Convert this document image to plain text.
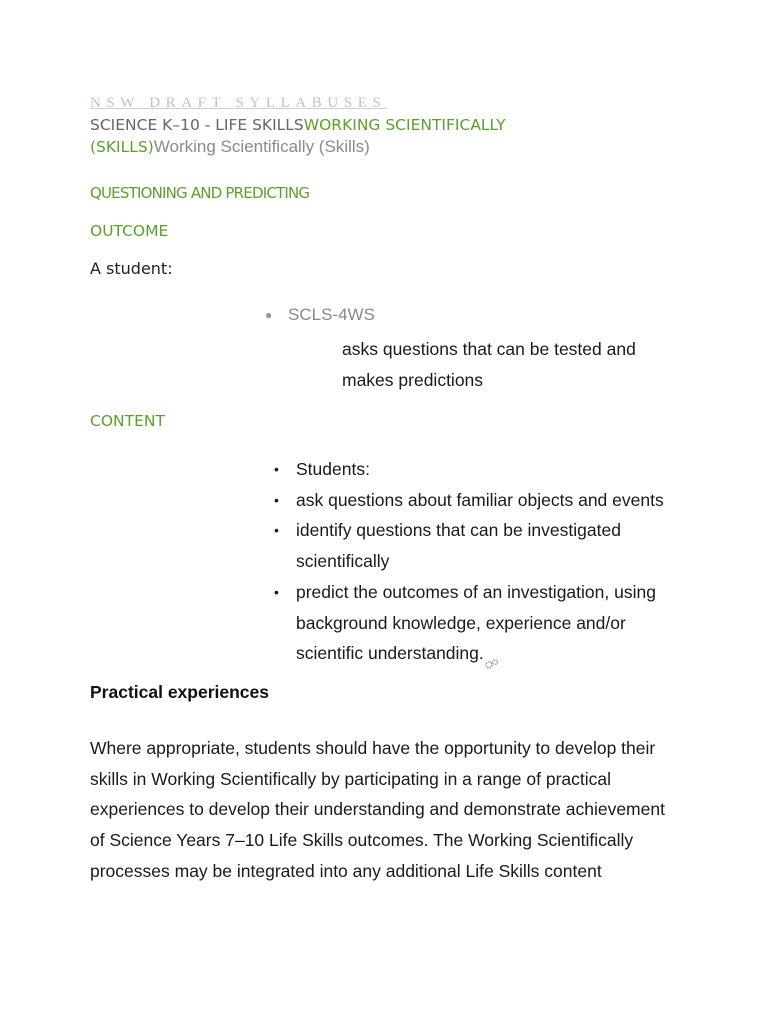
NSW DRAFT SYLLABUSES

SCIENCE K–10 - LIFE SKILLSWORKING SCIENTIFICALLY (SKILLS)Working Scientifically (Skills)

QUESTIONING AND PREDICTING

OUTCOME

A student:

● SCLS-4WS
asks questions that can be tested and makes predictions

CONTENT

• Students:
• ask questions about familiar objects and events
• identify questions that can be investigated scientifically
• predict the outcomes of an investigation, using background knowledge, experience and/or scientific understanding.

Practical experiences

Where appropriate, students should have the opportunity to develop their skills in Working Scientifically by participating in a range of practical experiences to develop their understanding and demonstrate achievement of Science Years 7–10 Life Skills outcomes. The Working Scientifically processes may be integrated into any additional Life Skills content
